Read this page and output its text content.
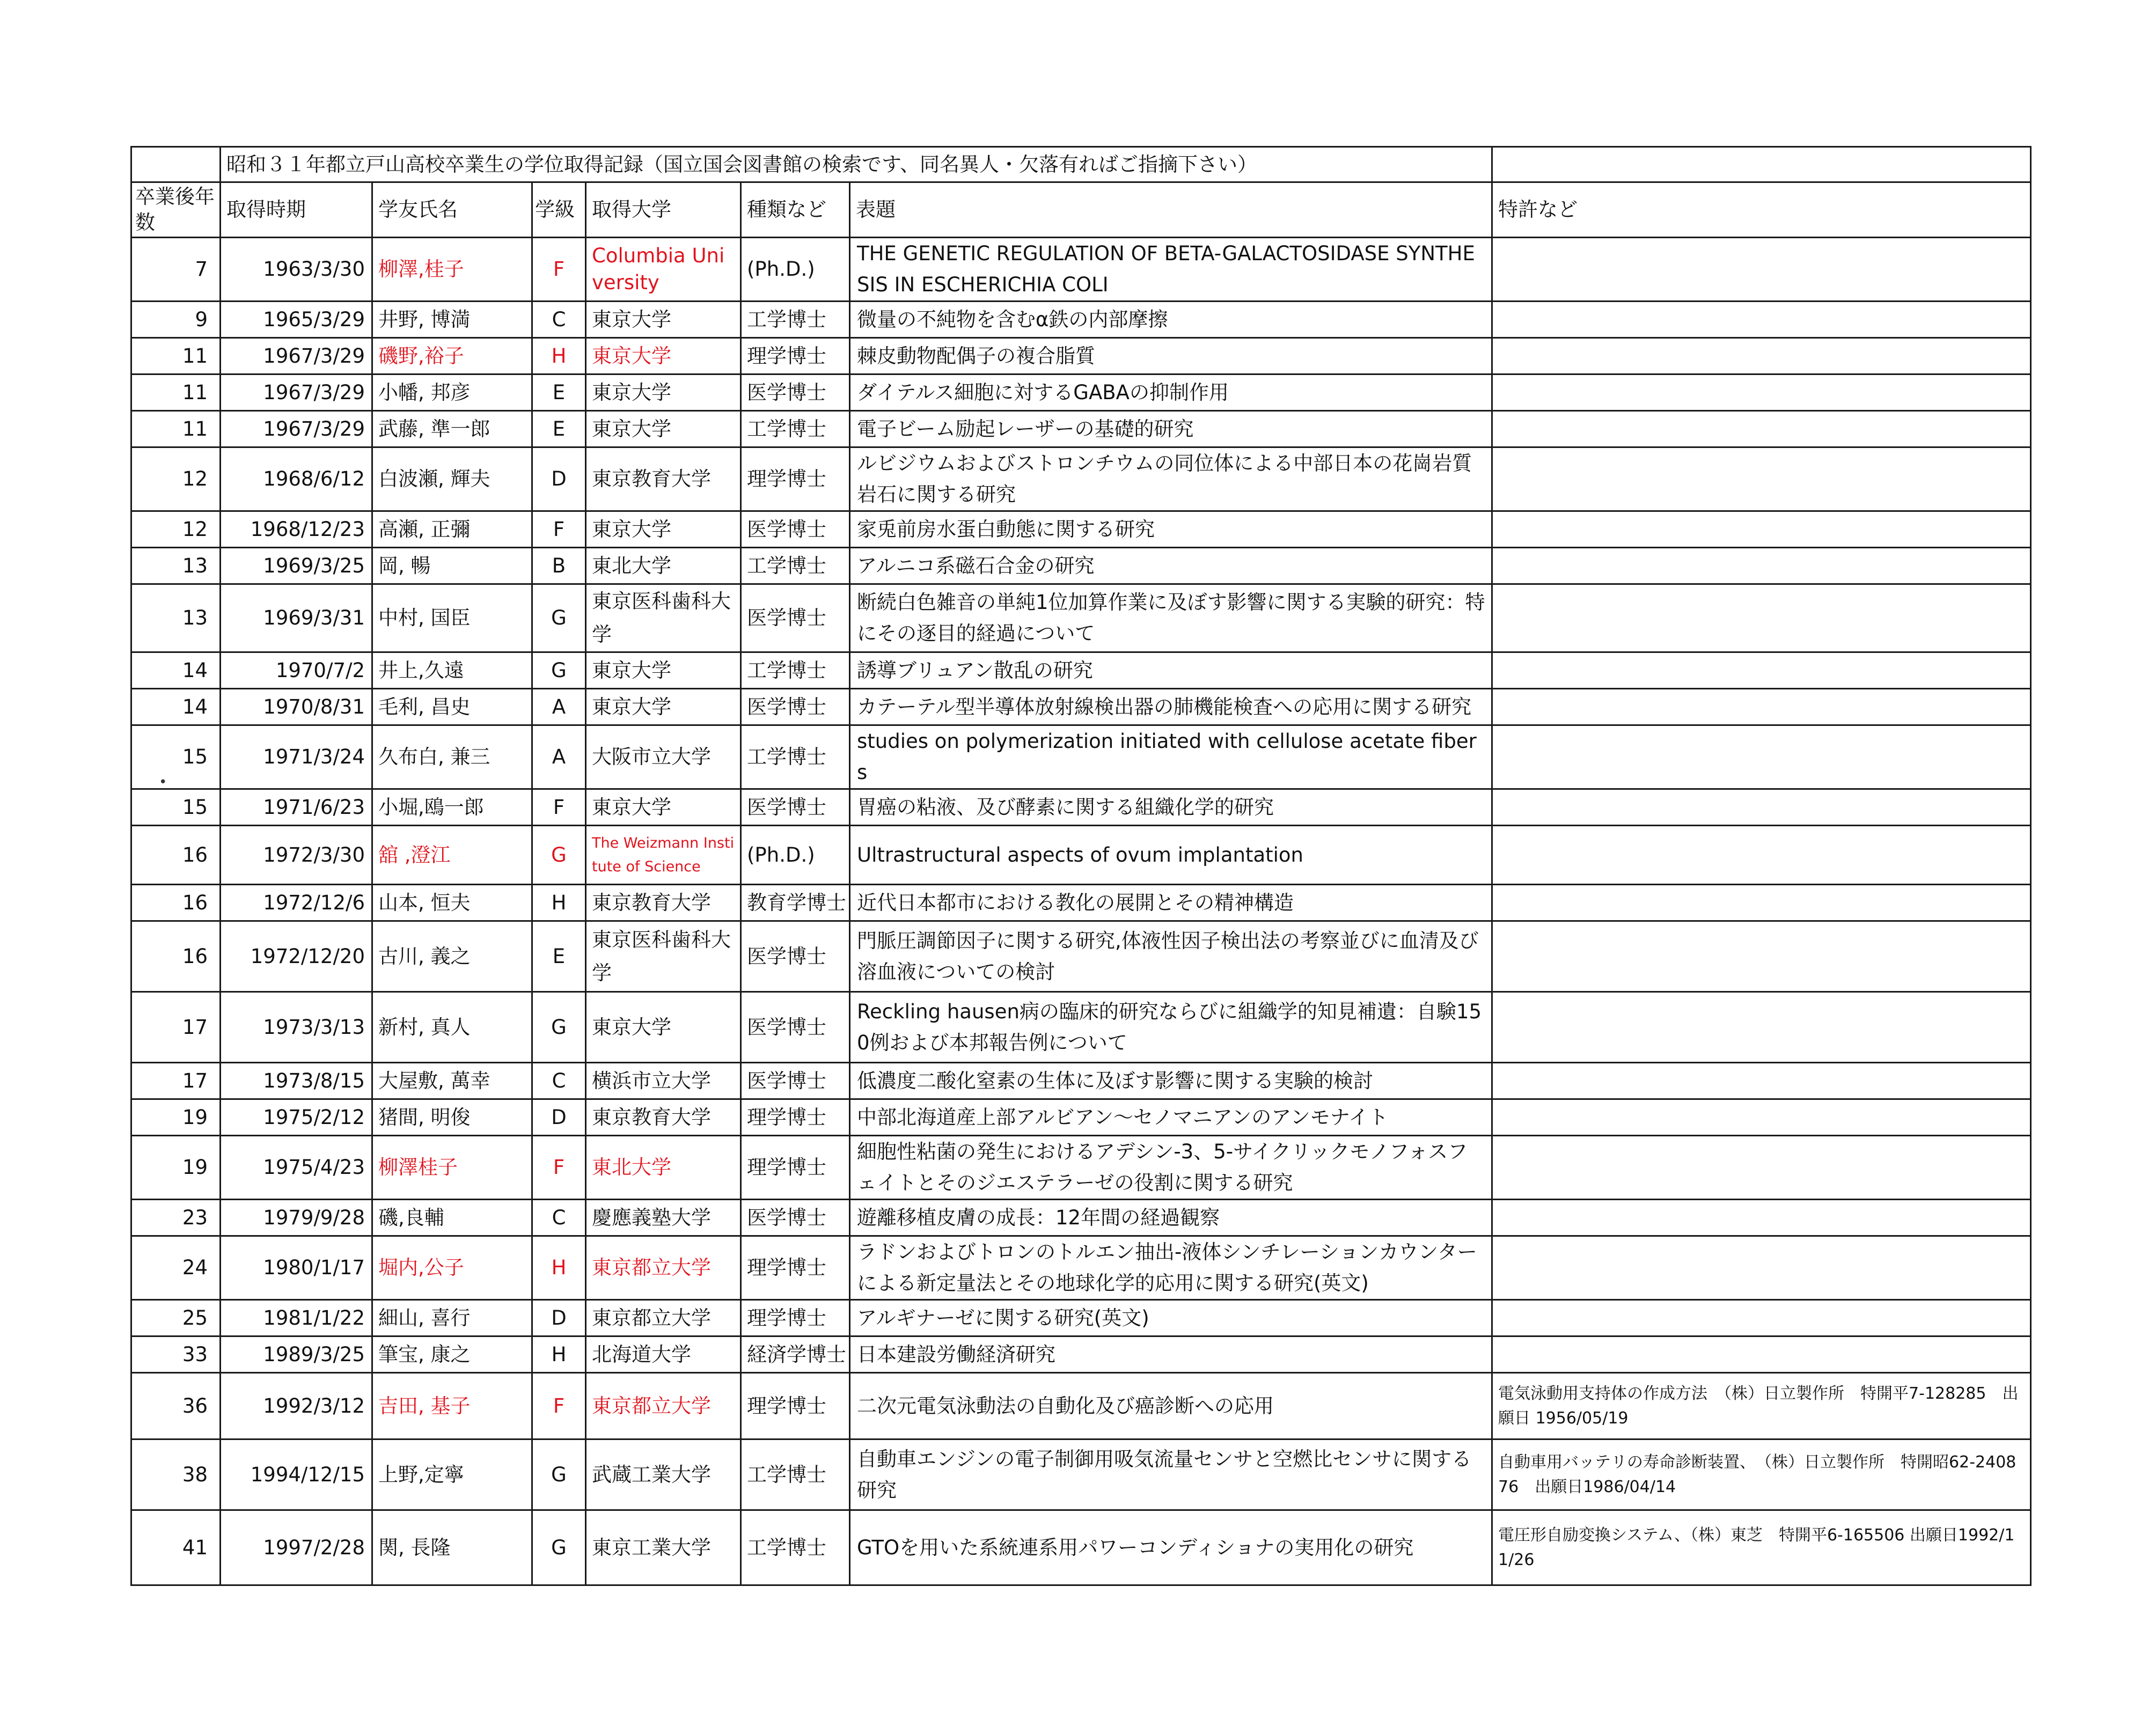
	昭和３１年都立戸山高校卒業生の学位取得記録（国立国会図書館の検索です、同名異人・欠落有ればご指摘下さい）						
卒業後年数	取得時期	学友氏名	学級	取得大学	種類など	表題	特許など
7	1963/3/30	柳澤,桂子	F	Columbia University	(Ph.D.)	THE GENETIC REGULATION OF BETA-GALACTOSIDASE SYNTHESIS IN ESCHERICHIA COLI	
9	1965/3/29	井野, 博満	C	東京大学	工学博士	微量の不純物を含むα鉄の内部摩擦	
11	1967/3/29	磯野,裕子	H	東京大学	理学博士	棘皮動物配偶子の複合脂質	
11	1967/3/29	小幡, 邦彦	E	東京大学	医学博士	ダイテルス細胞に対するGABAの抑制作用	
11	1967/3/29	武藤, 準一郎	E	東京大学	工学博士	電子ビーム励起レーザーの基礎的研究	
12	1968/6/12	白波瀬, 輝夫	D	東京教育大学	理学博士	ルビジウムおよびストロンチウムの同位体による中部日本の花崗岩質岩石に関する研究	
12	1968/12/23	高瀬, 正彌	F	東京大学	医学博士	家兎前房水蛋白動態に関する研究	
13	1969/3/25	岡, 暢	B	東北大学	工学博士	アルニコ系磁石合金の研究	
13	1969/3/31	中村, 国臣	G	東京医科歯科大学	医学博士	断続白色雑音の単純1位加算作業に及ぼす影響に関する実験的研究：特にその逐目的経過について	
14	1970/7/2	井上,久遠	G	東京大学	工学博士	誘導ブリュアン散乱の研究	
14	1970/8/31	毛利, 昌史	A	東京大学	医学博士	カテーテル型半導体放射線検出器の肺機能検査への応用に関する研究	
15	1971/3/24	久布白, 兼三	A	大阪市立大学	工学博士	studies on polymerization initiated with cellulose acetate fibers	
15	1971/6/23	小堀,鴎一郎	F	東京大学	医学博士	胃癌の粘液、及び酵素に関する組織化学的研究	
16	1972/3/30	舘 ,澄江	G	The Weizmann Institute of Science	(Ph.D.)	Ultrastructural aspects of ovum implantation	
16	1972/12/6	山本, 恒夫	H	東京教育大学	教育学博士	近代日本都市における教化の展開とその精神構造	
16	1972/12/20	古川, 義之	E	東京医科歯科大学	医学博士	門脈圧調節因子に関する研究,体液性因子検出法の考察並びに血清及び溶血液についての検討	
17	1973/3/13	新村, 真人	G	東京大学	医学博士	Reckling hausen病の臨床的研究ならびに組織学的知見補遺：自験150例および本邦報告例について	
17	1973/8/15	大屋敷, 萬幸	C	横浜市立大学	医学博士	低濃度二酸化窒素の生体に及ぼす影響に関する実験的検討	
19	1975/2/12	猪間, 明俊	D	東京教育大学	理学博士	中部北海道産上部アルビアン〜セノマニアンのアンモナイト	
19	1975/4/23	柳澤桂子	F	東北大学	理学博士	細胞性粘菌の発生におけるアデシン-3、5-サイクリックモノフォスフェイトとそのジエステラーゼの役割に関する研究	
23	1979/9/28	磯,良輔	C	慶應義塾大学	医学博士	遊離移植皮膚の成長：12年間の経過観察	
24	1980/1/17	堀内,公子	H	東京都立大学	理学博士	ラドンおよびトロンのトルエン抽出-液体シンチレーションカウンターによる新定量法とその地球化学的応用に関する研究(英文)	
25	1981/1/22	細山, 喜行	D	東京都立大学	理学博士	アルギナーゼに関する研究(英文)	
33	1989/3/25	筆宝, 康之	H	北海道大学	経済学博士	日本建設労働経済研究	
36	1992/3/12	吉田, 基子	F	東京都立大学	理学博士	二次元電気泳動法の自動化及び癌診断への応用	電気泳動用支持体の作成方法　（株）日立製作所　特開平7-128285　出願日 1956/05/19
38	1994/12/15	上野,定寧	G	武蔵工業大学	工学博士	自動車エンジンの電子制御用吸気流量センサと空燃比センサに関する研究	自動車用バッテリの寿命診断装置、　（株）日立製作所　特開昭62-240876　出願日1986/04/14
41	1997/2/28	関, 長隆	G	東京工業大学	工学博士	GTOを用いた系統連系用パワーコンディショナの実用化の研究	電圧形自励変換システム、（株）東芝　特開平6-165506 出願日1992/11/26
•
